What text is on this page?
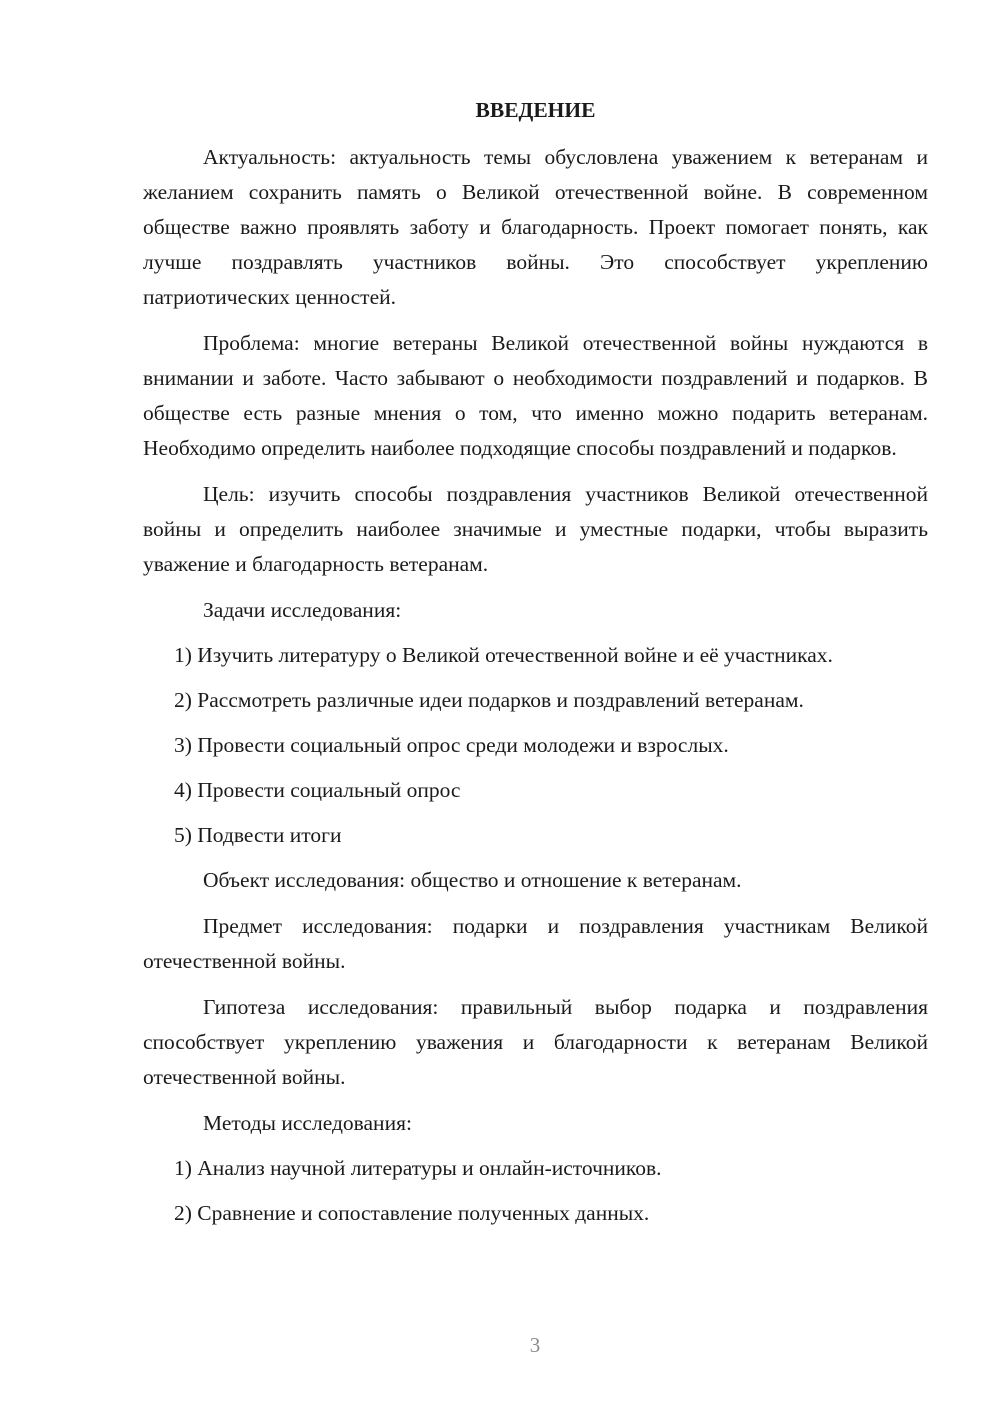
ВВЕДЕНИЕ
Актуальность: актуальность темы обусловлена уважением к ветеранам и желанием сохранить память о Великой отечественной войне. В современном обществе важно проявлять заботу и благодарность. Проект помогает понять, как лучше поздравлять участников войны. Это способствует укреплению патриотических ценностей.
Проблема: многие ветераны Великой отечественной войны нуждаются в внимании и заботе. Часто забывают о необходимости поздравлений и подарков. В обществе есть разные мнения о том, что именно можно подарить ветеранам. Необходимо определить наиболее подходящие способы поздравлений и подарков.
Цель: изучить способы поздравления участников Великой отечественной войны и определить наиболее значимые и уместные подарки, чтобы выразить уважение и благодарность ветеранам.
Задачи исследования:
1) Изучить литературу о Великой отечественной войне и её участниках.
2) Рассмотреть различные идеи подарков и поздравлений ветеранам.
3) Провести социальный опрос среди молодежи и взрослых.
4) Провести социальный опрос
5) Подвести итоги
Объект исследования: общество и отношение к ветеранам.
Предмет исследования: подарки и поздравления участникам Великой отечественной войны.
Гипотеза исследования: правильный выбор подарка и поздравления способствует укреплению уважения и благодарности к ветеранам Великой отечественной войны.
Методы исследования:
1) Анализ научной литературы и онлайн-источников.
2) Сравнение и сопоставление полученных данных.
3
